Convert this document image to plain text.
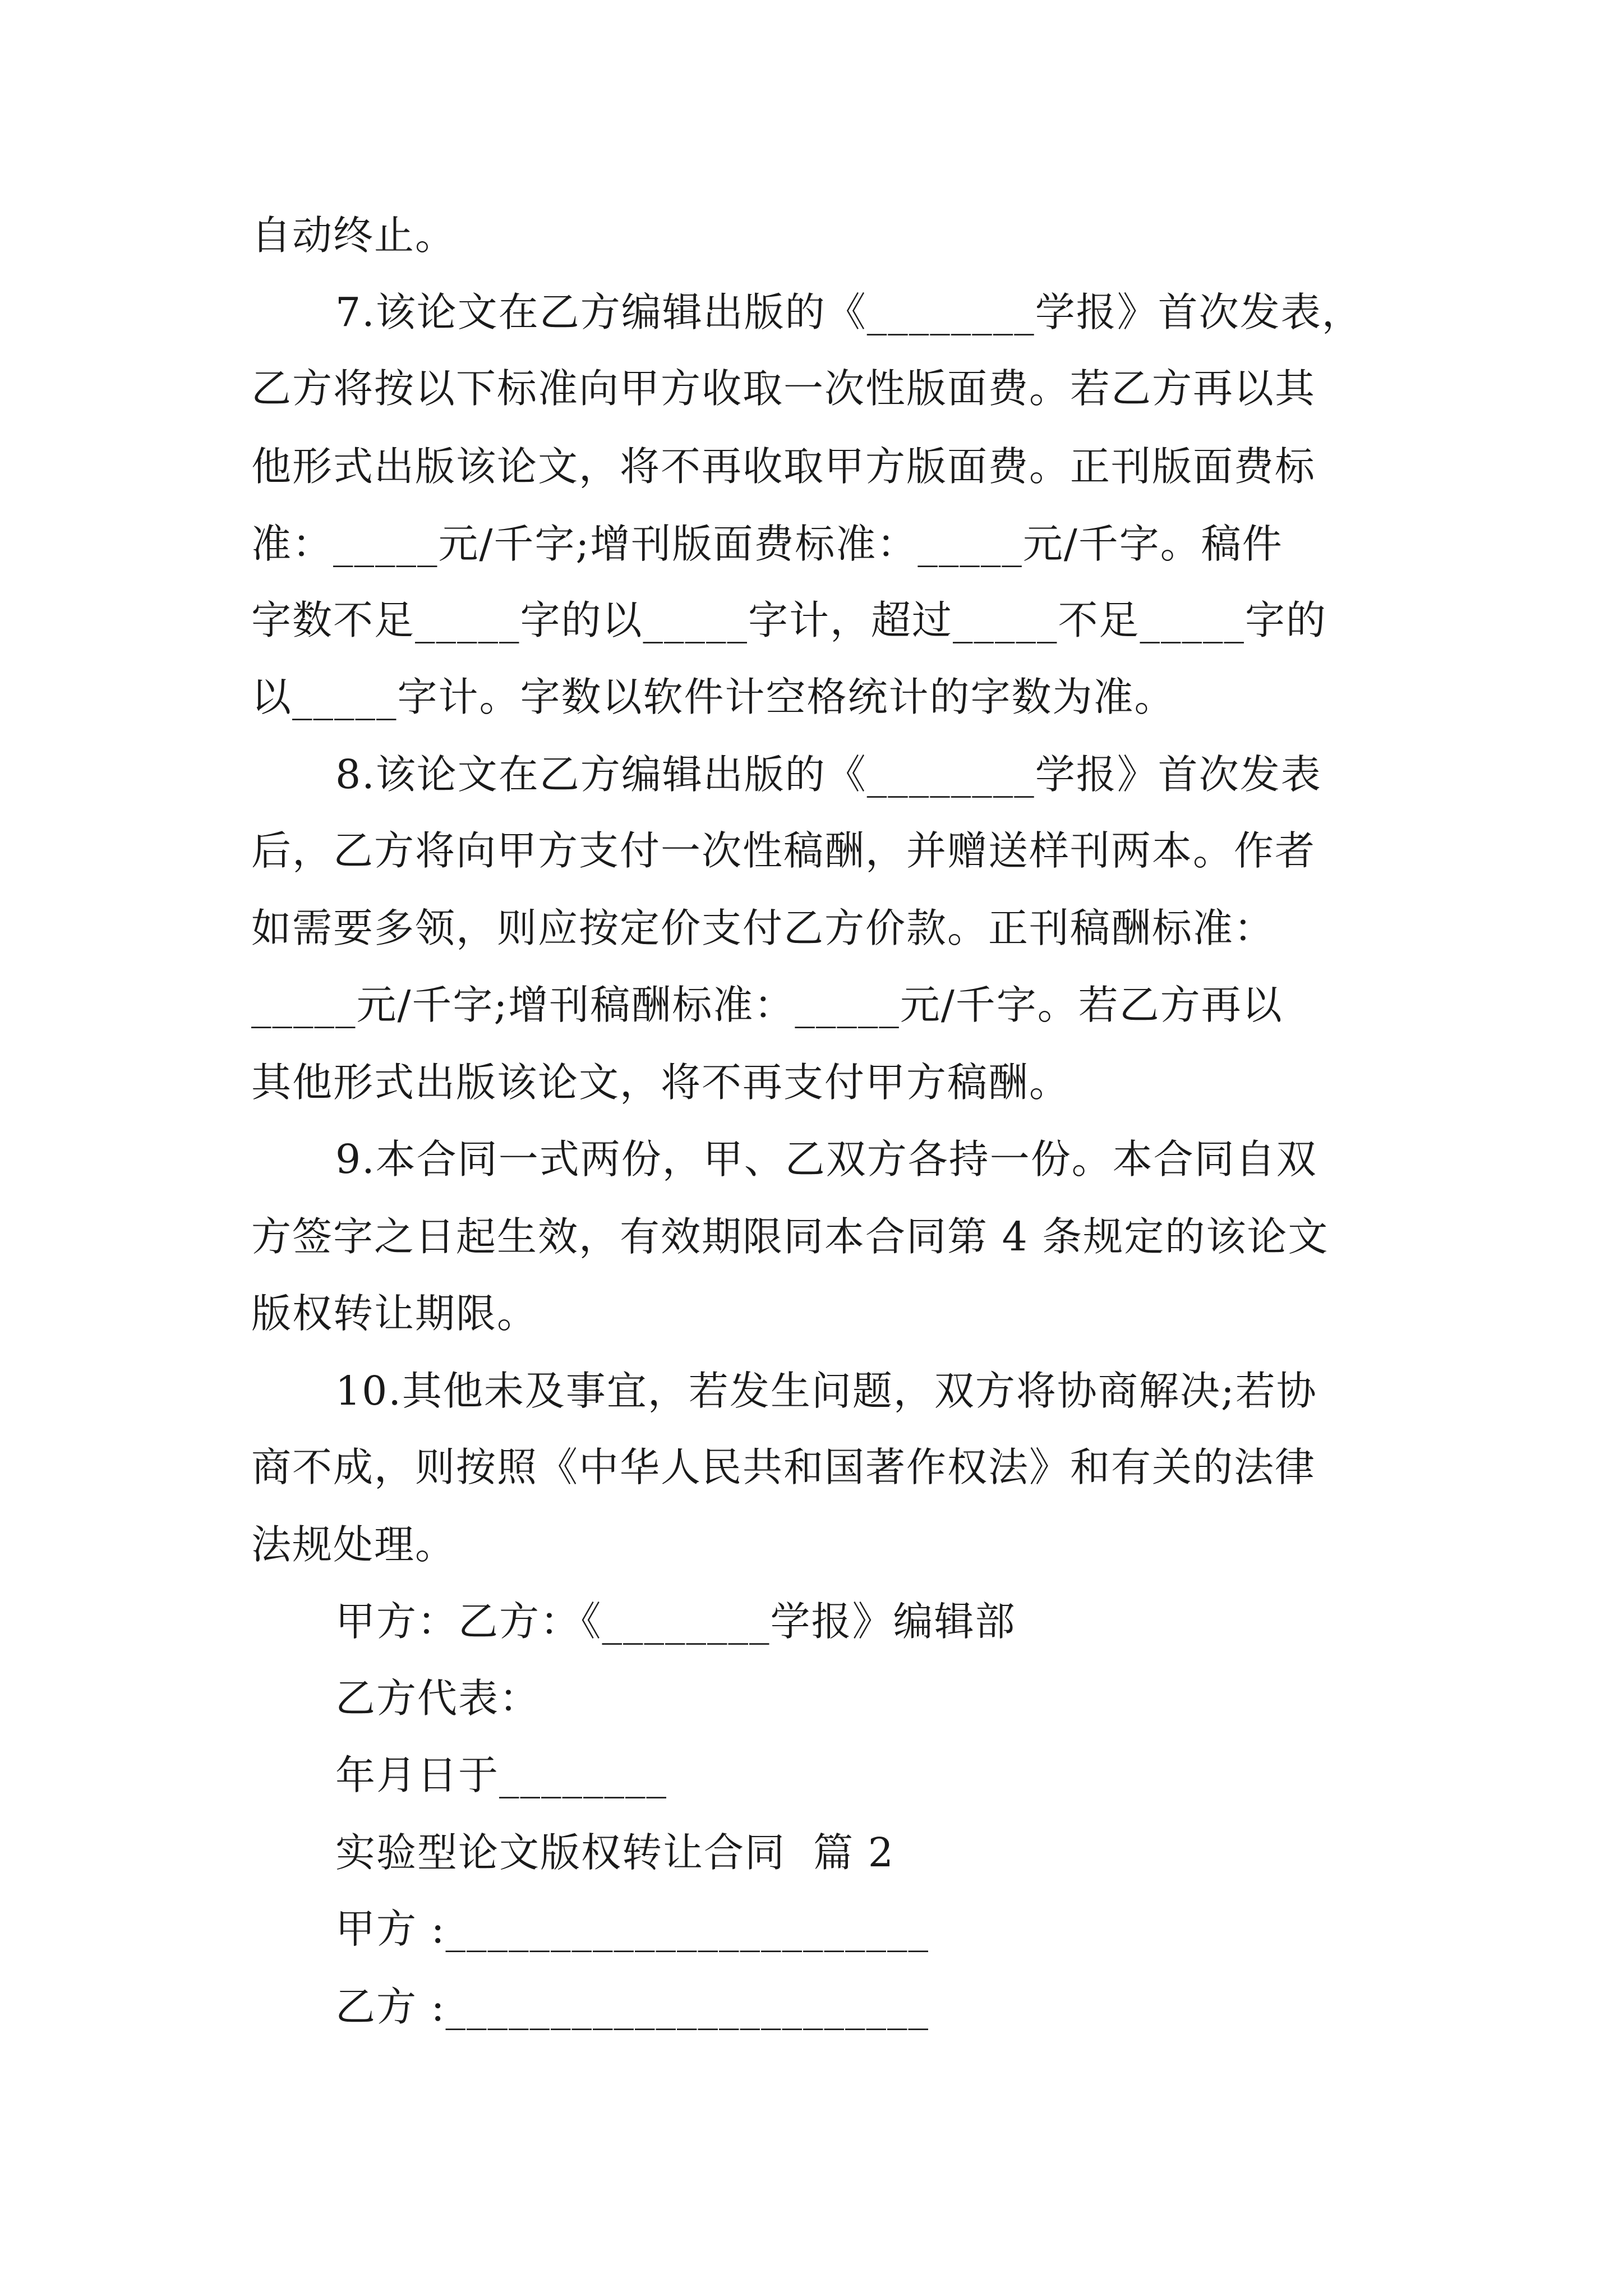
自动终止。
7.该论文在乙方编辑出版的《________学报》首次发表，
乙方将按以下标准向甲方收取一次性版面费。若乙方再以其
他形式出版该论文，将不再收取甲方版面费。正刊版面费标
准：_____元/千字;增刊版面费标准：_____元/千字。稿件
字数不足_____字的以_____字计，超过_____不足_____字的
以_____字计。字数以软件计空格统计的字数为准。
8.该论文在乙方编辑出版的《________学报》首次发表
后，乙方将向甲方支付一次性稿酬，并赠送样刊两本。作者
如需要多领，则应按定价支付乙方价款。正刊稿酬标准：
_____元/千字;增刊稿酬标准：_____元/千字。若乙方再以
其他形式出版该论文，将不再支付甲方稿酬。
9.本合同一式两份，甲、乙双方各持一份。本合同自双
方签字之日起生效，有效期限同本合同第 4 条规定的该论文
版权转让期限。
10.其他未及事宜，若发生问题，双方将协商解决;若协
商不成，则按照《中华人民共和国著作权法》和有关的法律
法规处理。
甲方：乙方：《________学报》编辑部
乙方代表：
年月日于________
实验型论文版权转让合同  篇 2
甲方 :_______________________
乙方 :_______________________
